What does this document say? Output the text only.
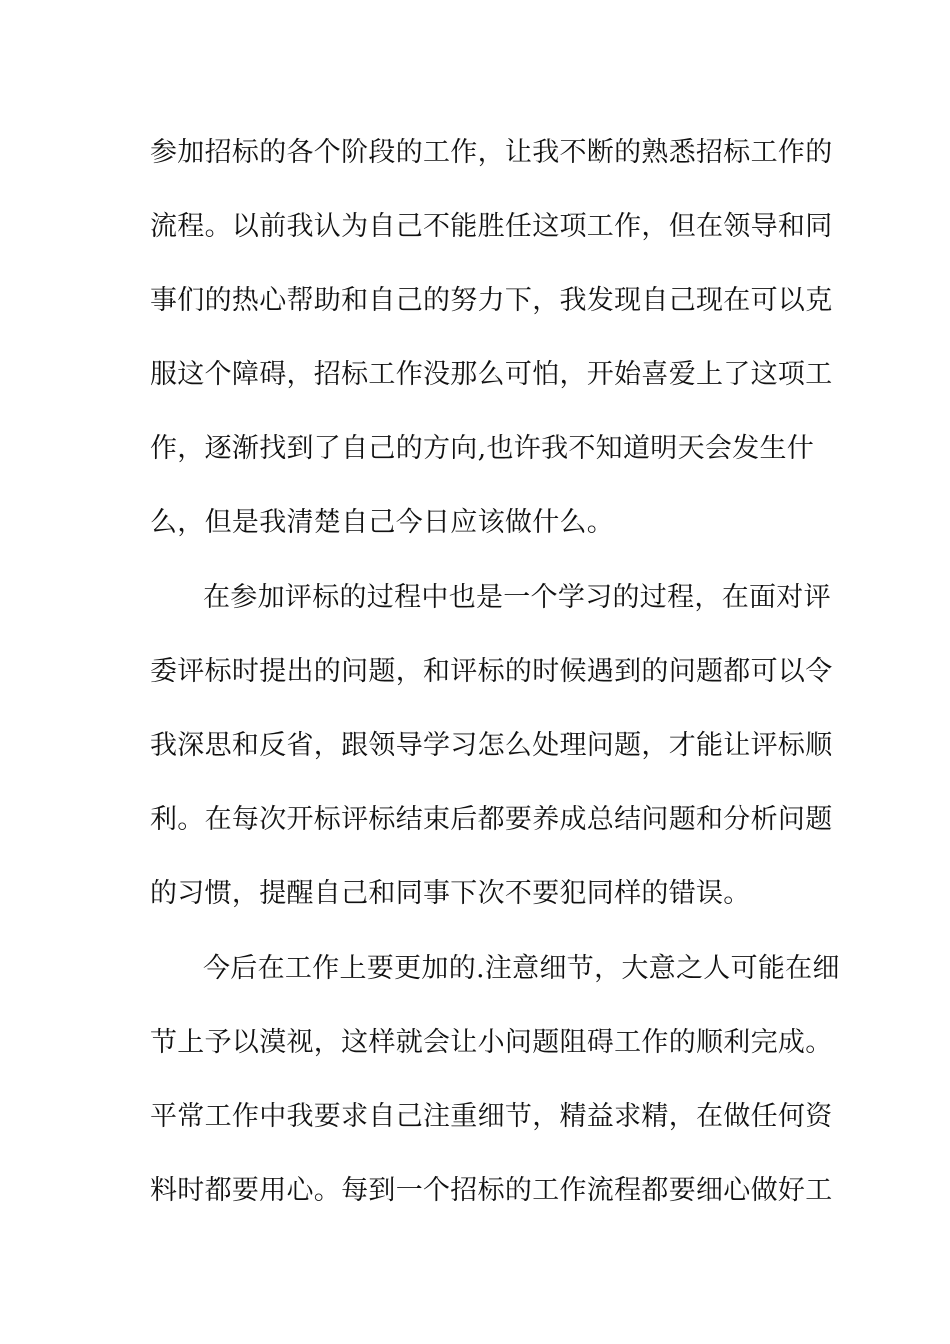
参加招标的各个阶段的工作，让我不断的熟悉招标工作的
流程。以前我认为自己不能胜任这项工作，但在领导和同
事们的热心帮助和自己的努力下，我发现自己现在可以克
服这个障碍，招标工作没那么可怕，开始喜爱上了这项工
作，逐渐找到了自己的方向,也许我不知道明天会发生什
么，但是我清楚自己今日应该做什么。
在参加评标的过程中也是一个学习的过程，在面对评
委评标时提出的问题，和评标的时候遇到的问题都可以令
我深思和反省，跟领导学习怎么处理问题，才能让评标顺
利。在每次开标评标结束后都要养成总结问题和分析问题
的习惯，提醒自己和同事下次不要犯同样的错误。
今后在工作上要更加的.注意细节，大意之人可能在细
节上予以漠视，这样就会让小问题阻碍工作的顺利完成。
平常工作中我要求自己注重细节，精益求精，在做任何资
料时都要用心。每到一个招标的工作流程都要细心做好工
